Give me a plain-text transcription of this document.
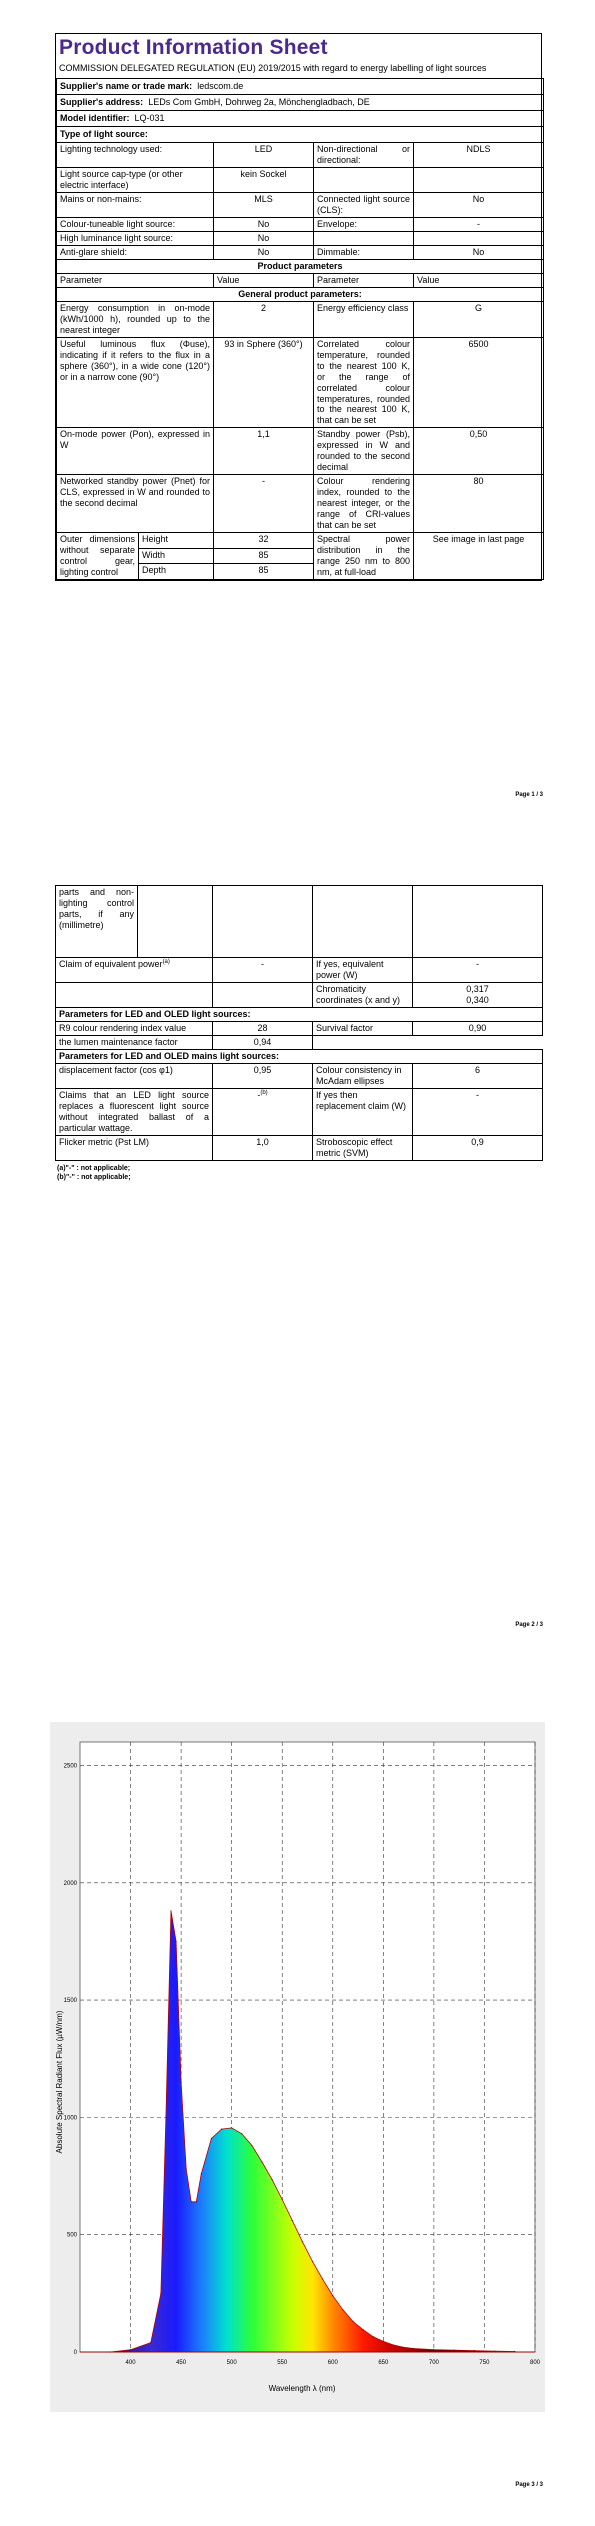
Product Information Sheet
COMMISSION DELEGATED REGULATION (EU) 2019/2015 with regard to energy labelling of light sources
Supplier's name or trade mark: ledscom.de				
Supplier's address: LEDs Com GmbH, Dohrweg 2a, Mönchengladbach, DE				
Model identifier: LQ-031				
Type of light source:				
Lighting technology used:		LED	Non-directional or directional:	NDLS
Light source cap-type (or other electric interface)		kein Sockel		
Mains or non-mains:		MLS	Connected light source (CLS):	No
Colour-tuneable light source:		No	Envelope:	-
High luminance light source:		No		
Anti-glare shield:		No	Dimmable:	No
Product parameters				
Parameter		Value	Parameter	Value
General product parameters:				
Energy consumption in on-mode (kWh/1000 h), rounded up to the nearest integer		2	Energy efficiency class	G
Useful luminous flux (Φuse), indicating if it refers to the flux in a sphere (360°), in a wide cone (120°) or in a narrow cone (90°)		93 in Sphere (360°)	Correlated colour temperature, rounded to the nearest 100 K, or the range of correlated colour temperatures, rounded to the nearest 100 K, that can be set	6500
On-mode power (Pon), expressed in W		1,1	Standby power (Psb), expressed in W and rounded to the second decimal	0,50
Networked standby power (Pnet) for CLS, expressed in W and rounded to the second decimal		-	Colour rendering index, rounded to the nearest integer, or the range of CRI-values that can be set	80
Outer dimensions without separate control gear, lighting control	Height	32	Spectral power distribution in the range 250 nm to 800 nm, at full-load	See image in last page
	Width	85		
	Depth	85		
Page 1 / 3
parts and non-lighting control parts, if any (millimetre)				
Claim of equivalent power$^{(a)}$		-	If yes, equivalent power (W)	-
			Chromaticity coordinates (x and y)	0,317
0,340

Parameters for LED and OLED light sources:				
R9 colour rendering index value		28	Survival factor	0,90
the lumen maintenance factor		0,94		
Parameters for LED and OLED mains light sources:				
displacement factor (cos φ1)		0,95	Colour consistency in McAdam ellipses	6
Claims that an LED light source replaces a fluorescent light source without integrated ballast of a particular wattage.		-$^{(b)}$	If yes then replacement claim (W)	-
Flicker metric (Pst LM)		1,0	Stroboscopic effect metric (SVM)	0,9
(a)"-" : not applicable;
(b)"-" : not applicable;
Page 2 / 3
400	450	500	550	600	650	700	750	800
0
500
1000
1500
2000
2500
Absolute Spectral Radiant Flux (µW/nm)
Wavelength λ (nm)
Page 3 / 3
